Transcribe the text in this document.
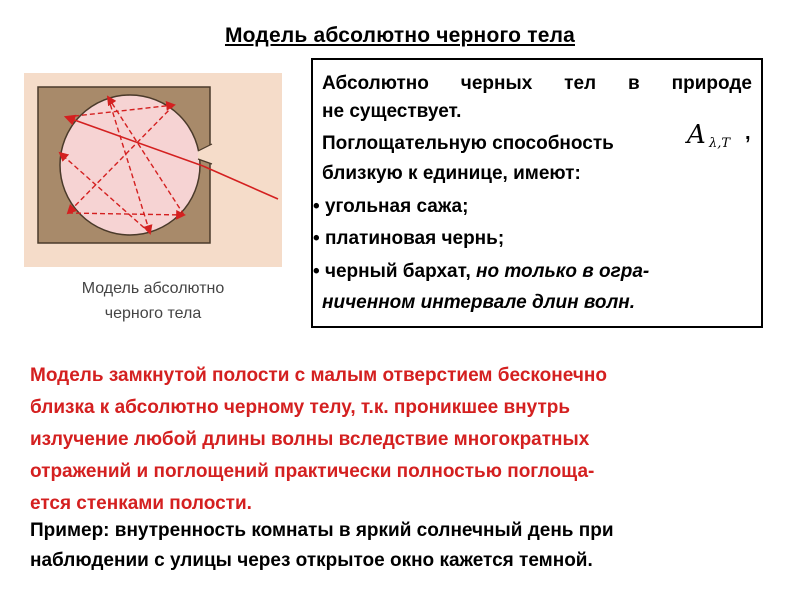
Модель абсолютно черного тела
Модель абсолютно
черного тела
Абсолютно черных тел в природе
не существует.
Поглощательную способность	A λ,T ,
близкую к единице, имеют:
• угольная сажа;
• платиновая чернь;
• черный бархат, но только в огра-
ниченном интервале длин волн.
Модель замкнутой полости с малым отверстием бесконечно
близка к абсолютно черному телу, т.к. проникшее внутрь
излучение любой длины волны вследствие многократных
отражений и поглощений практически полностью поглоща-
ется стенками полости.
Пример: внутренность комнаты в яркий солнечный день при
наблюдении с улицы через открытое окно кажется темной.
